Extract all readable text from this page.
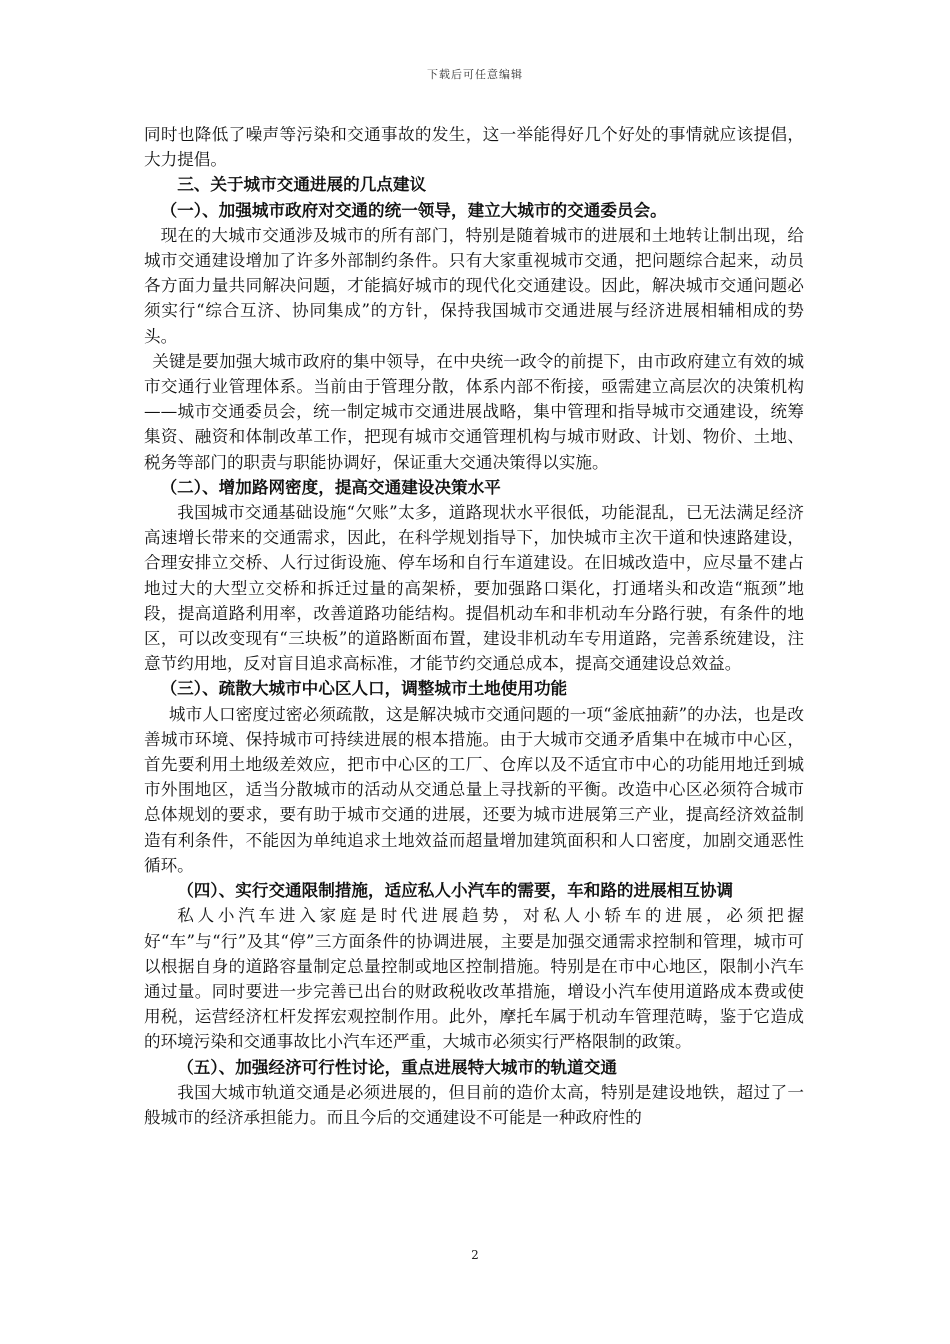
下载后可任意编辑

同时也降低了噪声等污染和交通事故的发生，这一举能得好几个好处的事情就应该提倡，大力提倡。

三、关于城市交通进展的几点建议

（一）、加强城市政府对交通的统一领导，建立大城市的交通委员会。

现在的大城市交通涉及城市的所有部门，特别是随着城市的进展和土地转让制出现，给城市交通建设增加了许多外部制约条件。只有大家重视城市交通，把问题综合起来，动员各方面力量共同解决问题，才能搞好城市的现代化交通建设。因此，解决城市交通问题必须实行“综合互济、协同集成”的方针，保持我国城市交通进展与经济进展相辅相成的势头。

关键是要加强大城市政府的集中领导，在中央统一政令的前提下，由市政府建立有效的城市交通行业管理体系。当前由于管理分散，体系内部不衔接，亟需建立高层次的决策机构——城市交通委员会，统一制定城市交通进展战略，集中管理和指导城市交通建设，统筹集资、融资和体制改革工作，把现有城市交通管理机构与城市财政、计划、物价、土地、税务等部门的职责与职能协调好，保证重大交通决策得以实施。

（二）、增加路网密度，提高交通建设决策水平

我国城市交通基础设施“欠账”太多，道路现状水平很低，功能混乱，已无法满足经济高速增长带来的交通需求，因此，在科学规划指导下，加快城市主次干道和快速路建设，合理安排立交桥、人行过街设施、停车场和自行车道建设。在旧城改造中，应尽量不建占地过大的大型立交桥和拆迁过量的高架桥，要加强路口渠化，打通堵头和改造“瓶颈”地段，提高道路利用率，改善道路功能结构。提倡机动车和非机动车分路行驶，有条件的地区，可以改变现有“三块板”的道路断面布置，建设非机动车专用道路，完善系统建设，注意节约用地，反对盲目追求高标准，才能节约交通总成本，提高交通建设总效益。

（三）、疏散大城市中心区人口，调整城市土地使用功能

城市人口密度过密必须疏散，这是解决城市交通问题的一项“釜底抽薪”的办法，也是改善城市环境、保持城市可持续进展的根本措施。由于大城市交通矛盾集中在城市中心区，首先要利用土地级差效应，把市中心区的工厂、仓库以及不适宜市中心的功能用地迁到城市外围地区，适当分散城市的活动从交通总量上寻找新的平衡。改造中心区必须符合城市总体规划的要求，要有助于城市交通的进展，还要为城市进展第三产业，提高经济效益制造有利条件，不能因为单纯追求土地效益而超量增加建筑面积和人口密度，加剧交通恶性循环。

（四）、实行交通限制措施，适应私人小汽车的需要，车和路的进展相互协调

私人小汽车进入家庭是时代进展趋势，对私人小轿车的进展，必须把握好“车”与“行”及其“停”三方面条件的协调进展，主要是加强交通需求控制和管理，城市可以根据自身的道路容量制定总量控制或地区控制措施。特别是在市中心地区，限制小汽车通过量。同时要进一步完善已出台的财政税收改革措施，增设小汽车使用道路成本费或使用税，运营经济杠杆发挥宏观控制作用。此外，摩托车属于机动车管理范畴，鉴于它造成的环境污染和交通事故比小汽车还严重，大城市必须实行严格限制的政策。

（五）、加强经济可行性讨论，重点进展特大城市的轨道交通

我国大城市轨道交通是必须进展的，但目前的造价太高，特别是建设地铁，超过了一般城市的经济承担能力。而且今后的交通建设不可能是一种政府性的

2
